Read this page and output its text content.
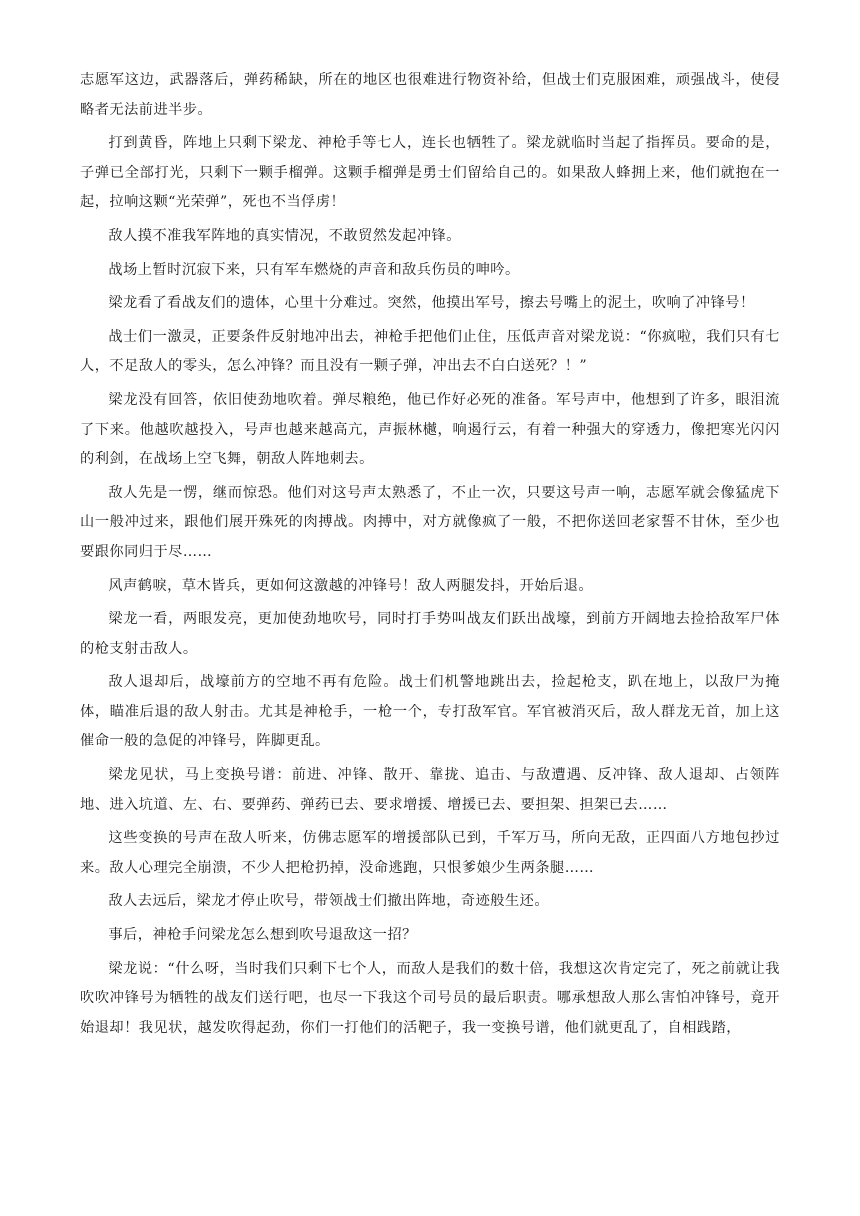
志愿军这边，武器落后，弹药稀缺，所在的地区也很难进行物资补给，但战士们克服困难，顽强战斗，使侵略者无法前进半步。

打到黄昏，阵地上只剩下梁龙、神枪手等七人，连长也牺牲了。梁龙就临时当起了指挥员。要命的是，子弹已全部打光，只剩下一颗手榴弹。这颗手榴弹是勇士们留给自己的。如果敌人蜂拥上来，他们就抱在一起，拉响这颗“光荣弹”，死也不当俘虏！

敌人摸不准我军阵地的真实情况，不敢贸然发起冲锋。

战场上暂时沉寂下来，只有军车燃烧的声音和敌兵伤员的呻吟。

梁龙看了看战友们的遗体，心里十分难过。突然，他摸出军号，擦去号嘴上的泥土，吹响了冲锋号！

战士们一激灵，正要条件反射地冲出去，神枪手把他们止住，压低声音对梁龙说：“你疯啦，我们只有七人，不足敌人的零头，怎么冲锋？而且没有一颗子弹，冲出去不白白送死？！”

梁龙没有回答，依旧使劲地吹着。弹尽粮绝，他已作好必死的准备。军号声中，他想到了许多，眼泪流了下来。他越吹越投入，号声也越来越高亢，声振林樾，响遏行云，有着一种强大的穿透力，像把寒光闪闪的利剑，在战场上空飞舞，朝敌人阵地刺去。

敌人先是一愣，继而惊恐。他们对这号声太熟悉了，不止一次，只要这号声一响，志愿军就会像猛虎下山一般冲过来，跟他们展开殊死的肉搏战。肉搏中，对方就像疯了一般，不把你送回老家誓不甘休，至少也要跟你同归于尽……

风声鹤唳，草木皆兵，更如何这激越的冲锋号！敌人两腿发抖，开始后退。

梁龙一看，两眼发亮，更加使劲地吹号，同时打手势叫战友们跃出战壕，到前方开阔地去捡拾敌军尸体的枪支射击敌人。

敌人退却后，战壕前方的空地不再有危险。战士们机警地跳出去，捡起枪支，趴在地上，以敌尸为掩体，瞄准后退的敌人射击。尤其是神枪手，一枪一个，专打敌军官。军官被消灭后，敌人群龙无首，加上这催命一般的急促的冲锋号，阵脚更乱。

梁龙见状，马上变换号谱：前进、冲锋、散开、靠拢、追击、与敌遭遇、反冲锋、敌人退却、占领阵地、进入坑道、左、右、要弹药、弹药已去、要求增援、增援已去、要担架、担架已去……

这些变换的号声在敌人听来，仿佛志愿军的增援部队已到，千军万马，所向无敌，正四面八方地包抄过来。敌人心理完全崩溃，不少人把枪扔掉，没命逃跑，只恨爹娘少生两条腿……

敌人去远后，梁龙才停止吹号，带领战士们撤出阵地，奇迹般生还。

事后，神枪手问梁龙怎么想到吹号退敌这一招？

梁龙说：“什么呀，当时我们只剩下七个人，而敌人是我们的数十倍，我想这次肯定完了，死之前就让我吹吹冲锋号为牺牲的战友们送行吧，也尽一下我这个司号员的最后职责。哪承想敌人那么害怕冲锋号，竟开始退却！我见状，越发吹得起劲，你们一打他们的活靶子，我一变换号谱，他们就更乱了，自相践踏，
